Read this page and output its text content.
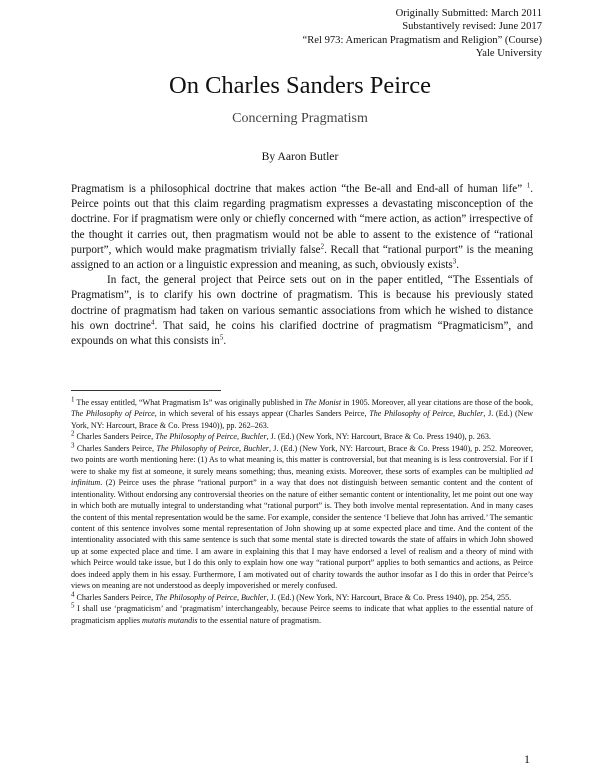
Originally Submitted: March 2011
Substantively revised: June 2017
“Rel 973: American Pragmatism and Religion” (Course)
Yale University
On Charles Sanders Peirce
Concerning Pragmatism
By Aaron Butler

Pragmatism is a philosophical doctrine that makes action “the Be-all and End-all of human life” $^1$. Peirce points out that this claim regarding pragmatism expresses a devastating misconception of the doctrine. For if pragmatism were only or chiefly concerned with “mere action, as action” irrespective of the thought it carries out, then pragmatism would not be able to assent to the existence of “rational purport”, which would make pragmatism trivially false$^2$. Recall that “rational purport” is the meaning assigned to an action or a linguistic expression and meaning, as such, obviously exists$^3$.

In fact, the general project that Peirce sets out on in the paper entitled, “The Essentials of Pragmatism”, is to clarify his own doctrine of pragmatism. This is because his previously stated doctrine of pragmatism had taken on various semantic associations from which he wished to distance his own doctrine$^4$. That said, he coins his clarified doctrine of pragmatism “Pragmaticism”, and expounds on what this consists $in^5$.

$^1$ The essay entitled, “What Pragmatism Is” was originally published in The Monist in 1905. Moreover, all year citations are those of the book, The Philosophy of Peirce, in which several of his essays appear (Charles Sanders Peirce, The Philosophy of Peirce, Buchler, J. (Ed.) (New York, NY: Harcourt, Brace & Co. Press 1940)), pp. 262–263.

$^2$ Charles Sanders Peirce, The Philosophy of Peirce, Buchler, J. (Ed.) (New York, NY: Harcourt, Brace & Co. Press 1940), p. 263.

$^3$ Charles Sanders Peirce, The Philosophy of Peirce, Buchler, J. (Ed.) (New York, NY: Harcourt, Brace & Co. Press 1940), p. 252. Moreover, two points are worth mentioning here: (1) As to what meaning is, this matter is controversial, but that meaning is is less controversial. For if I were to shake my fist at someone, it surely means something; thus, meaning exists. Moreover, these sorts of examples can be multiplied ad infinitum. (2) Peirce uses the phrase “rational purport” in a way that does not distinguish between semantic content and the content of intentionality. Without endorsing any controversial theories on the nature of either semantic content or intentionality, let me point out one way in which both are mutually integral to understanding what “rational purport” is. They both involve mental representation. And in many cases the content of this mental representation would be the same. For example, consider the sentence ‘I believe that John has arrived.’ The semantic content of this sentence involves some mental representation of John showing up at some expected place and time. And the content of the intentionality associated with this same sentence is such that some mental state is directed towards the state of affairs in which John showed up at some expected place and time. I am aware in explaining this that I may have endorsed a level of realism and a theory of mind with which Peirce would take issue, but I do this only to explain how one way “rational purport” applies to both semantics and actions, as Peirce does indeed apply them in his essay. Furthermore, I am motivated out of charity towards the author insofar as I do this in order that Peirce’s views on meaning are not understood as deeply impoverished or merely confused.

$^4$ Charles Sanders Peirce, The Philosophy of Peirce, Buchler, J. (Ed.) (New York, NY: Harcourt, Brace & Co. Press 1940), pp. 254, 255.

$^5$ I shall use ‘pragmaticism’ and ‘pragmatism’ interchangeably, because Peirce seems to indicate that what applies to the essential nature of pragmaticism applies mutatis mutandis to the essential nature of pragmatism.

1
